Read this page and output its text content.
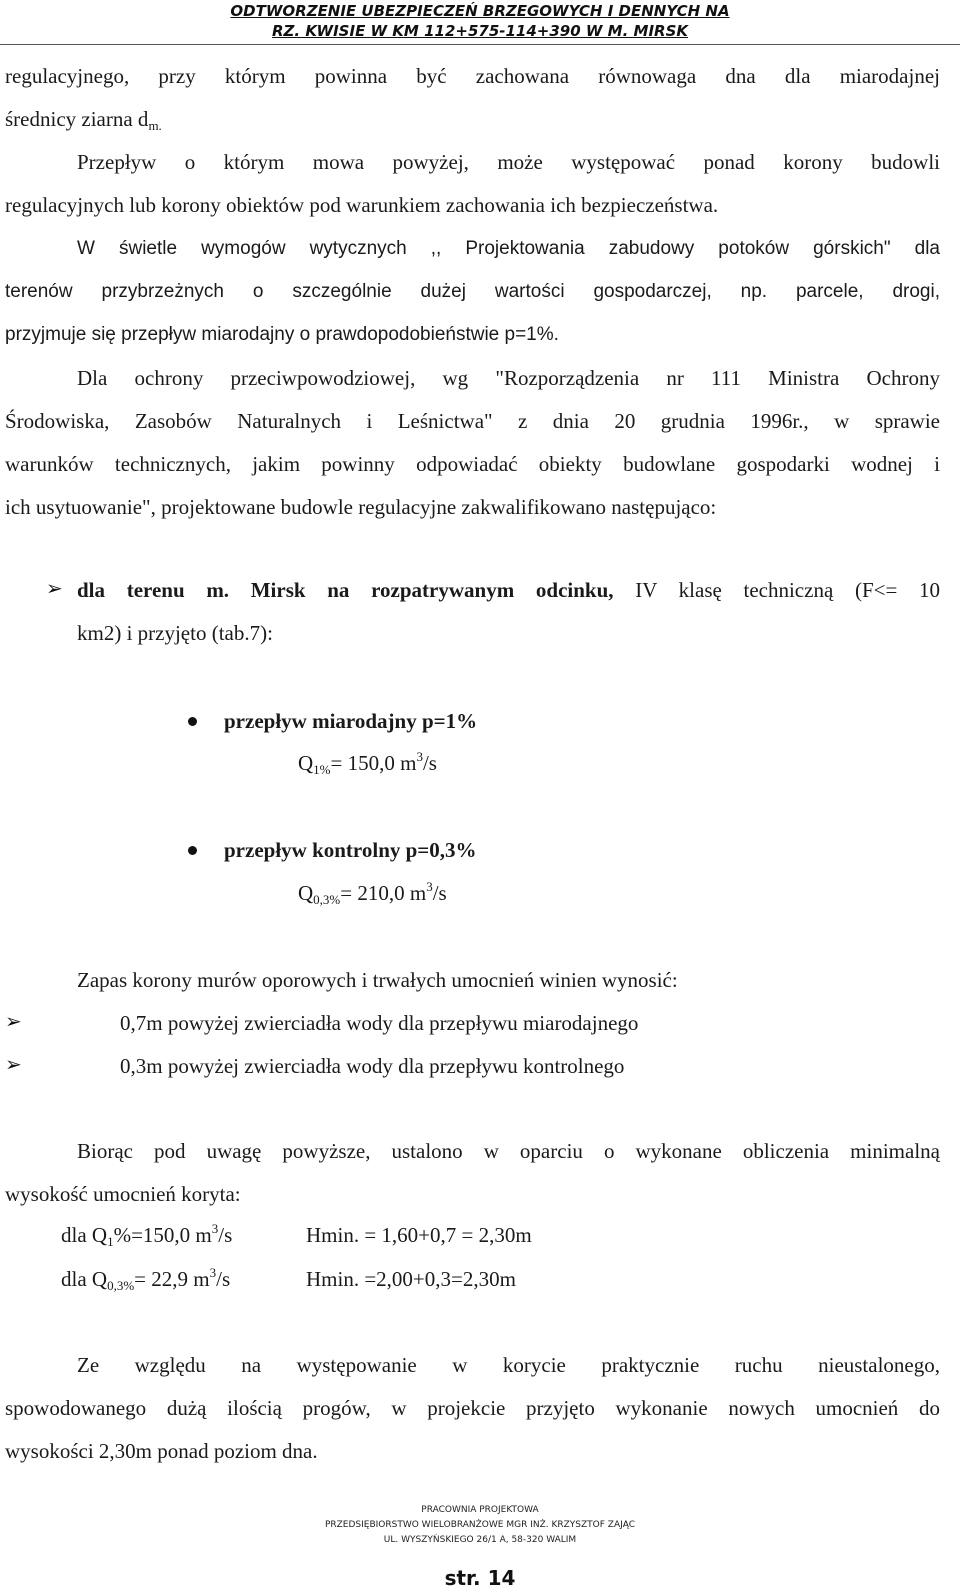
ODTWORZENIE UBEZPIECZEŃ BRZEGOWYCH I DENNYCH NA
RZ. KWISIE W KM 112+575-114+390 W M. MIRSK
regulacyjnego, przy którym powinna być zachowana równowaga dna dla miarodajnej
średnicy ziarna $d_{m.}$
Przepływ o którym mowa powyżej, może występować ponad korony budowli
regulacyjnych lub korony obiektów pod warunkiem zachowania ich bezpieczeństwa.
W świetle wymogów wytycznych ,, Projektowania zabudowy potoków górskich" dla
terenów przybrzeżnych o szczególnie dużej wartości gospodarczej, np. parcele, drogi,
przyjmuje się przepływ miarodajny o prawdopodobieństwie p=1%.
Dla ochrony przeciwpowodziowej, wg "Rozporządzenia nr 111 Ministra Ochrony
Środowiska, Zasobów Naturalnych i Leśnictwa" z dnia 20 grudnia 1996r., w sprawie
warunków technicznych, jakim powinny odpowiadać obiekty budowlane gospodarki wodnej i
ich usytuowanie", projektowane budowle regulacyjne zakwalifikowano następująco:
➢ dla terenu m. Mirsk na rozpatrywanym odcinku, IV klasę techniczną (F<= 10
km2) i przyjęto (tab.7):
przepływ miarodajny p=1%
$Q_{1\%}= 150,0$ $m^3/s$
przepływ kontrolny p=0,3%
$Q_{0,3\%}= 210,0$ $m^3/s$
Zapas korony murów oporowych i trwałych umocnień winien wynosić:
➢	0,7m powyżej zwierciadła wody dla przepływu miarodajnego
➢	0,3m powyżej zwierciadła wody dla przepływu kontrolnego
Biorąc pod uwagę powyższe, ustalono w oparciu o wykonane obliczenia minimalną
wysokość umocnień koryta:
dla $Q_1\%=150,0$ $m^3/s$	Hmin. = 1,60+0,7 = 2,30m
dla $Q_{0,3\%}= 22,9$ $m^3/s$	Hmin. =2,00+0,3=2,30m
Ze względu na występowanie w korycie praktycznie ruchu nieustalonego,
spowodowanego dużą ilością progów, w projekcie przyjęto wykonanie nowych umocnień do
wysokości 2,30m ponad poziom dna.
PRACOWNIA PROJEKTOWA
PRZEDSIĘBIORSTWO WIELOBRANŻOWE MGR INŻ. KRZYSZTOF ZAJĄC
UL. WYSZYŃSKIEGO 26/1 A, 58-320 WALIM
str. 14
